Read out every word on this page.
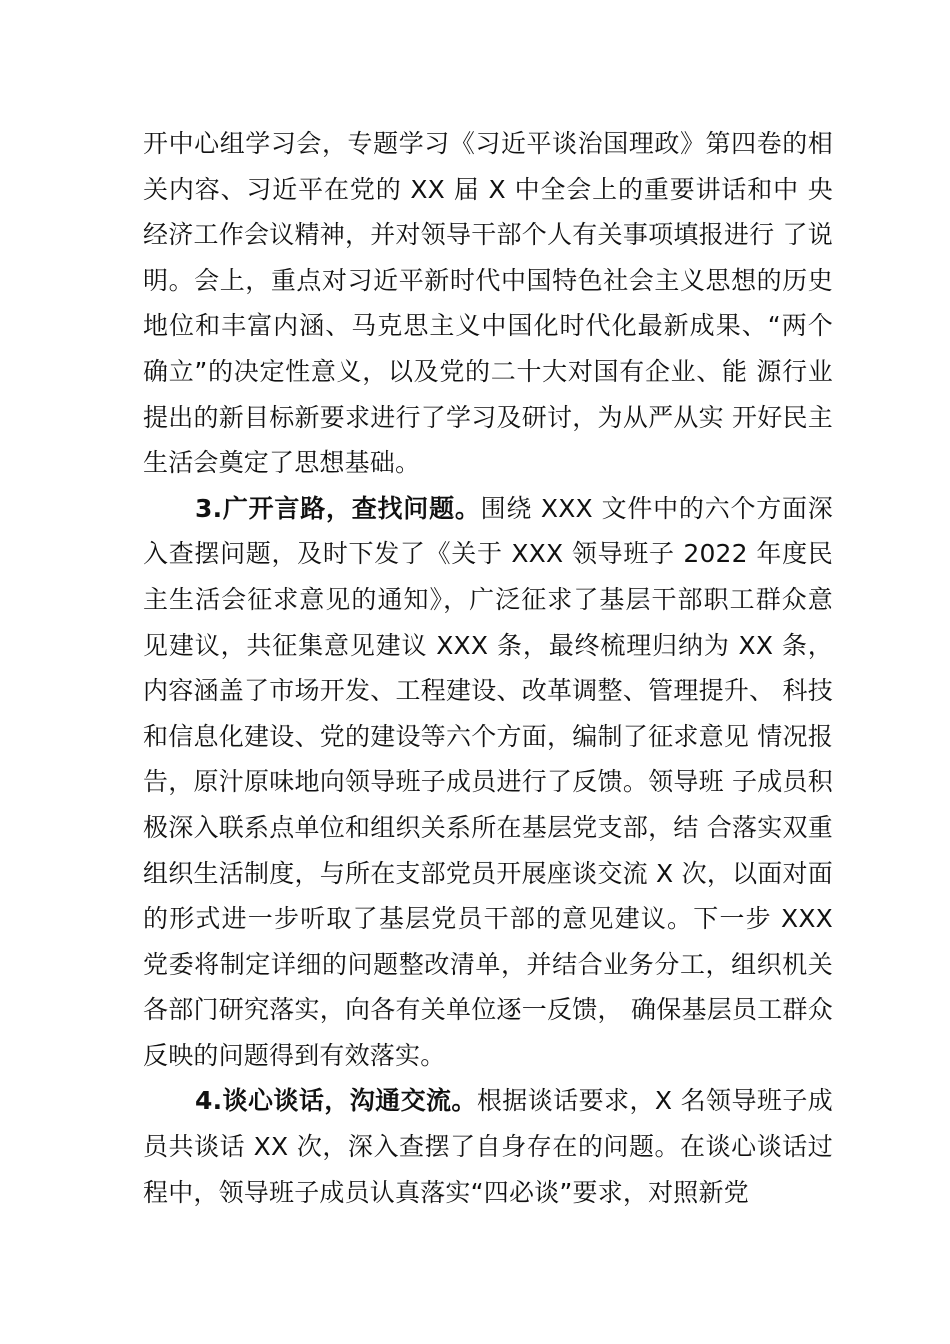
开中心组学习会，专题学习《习近平谈治国理政》第四卷的相关内容、习近平在党的 XX 届 X 中全会上的重要讲话和中 央经济工作会议精神，并对领导干部个人有关事项填报进行 了说明。会上，重点对习近平新时代中国特色社会主义思想的历史地位和丰富内涵、马克思主义中国化时代化最新成果、“两个确立”的决定性意义，以及党的二十大对国有企业、能 源行业提出的新目标新要求进行了学习及研讨，为从严从实 开好民主生活会奠定了思想基础。

3.广开言路，查找问题。围绕 XXX 文件中的六个方面深入查摆问题，及时下发了《关于 XXX 领导班子 2022 年度民主生活会征求意见的通知》，广泛征求了基层干部职工群众意见建议，共征集意见建议 XXX 条，最终梳理归纳为 XX 条，内容涵盖了市场开发、工程建设、改革调整、管理提升、 科技和信息化建设、党的建设等六个方面，编制了征求意见 情况报告，原汁原味地向领导班子成员进行了反馈。领导班 子成员积极深入联系点单位和组织关系所在基层党支部，结 合落实双重组织生活制度，与所在支部党员开展座谈交流 X 次，以面对面的形式进一步听取了基层党员干部的意见建议。下一步 XXX 党委将制定详细的问题整改清单，并结合业务分工，组织机关各部门研究落实，向各有关单位逐一反馈， 确保基层员工群众反映的问题得到有效落实。

4.谈心谈话，沟通交流。根据谈话要求，X 名领导班子成员共谈话 XX 次，深入查摆了自身存在的问题。在谈心谈话过程中，领导班子成员认真落实“四必谈”要求，对照新党
